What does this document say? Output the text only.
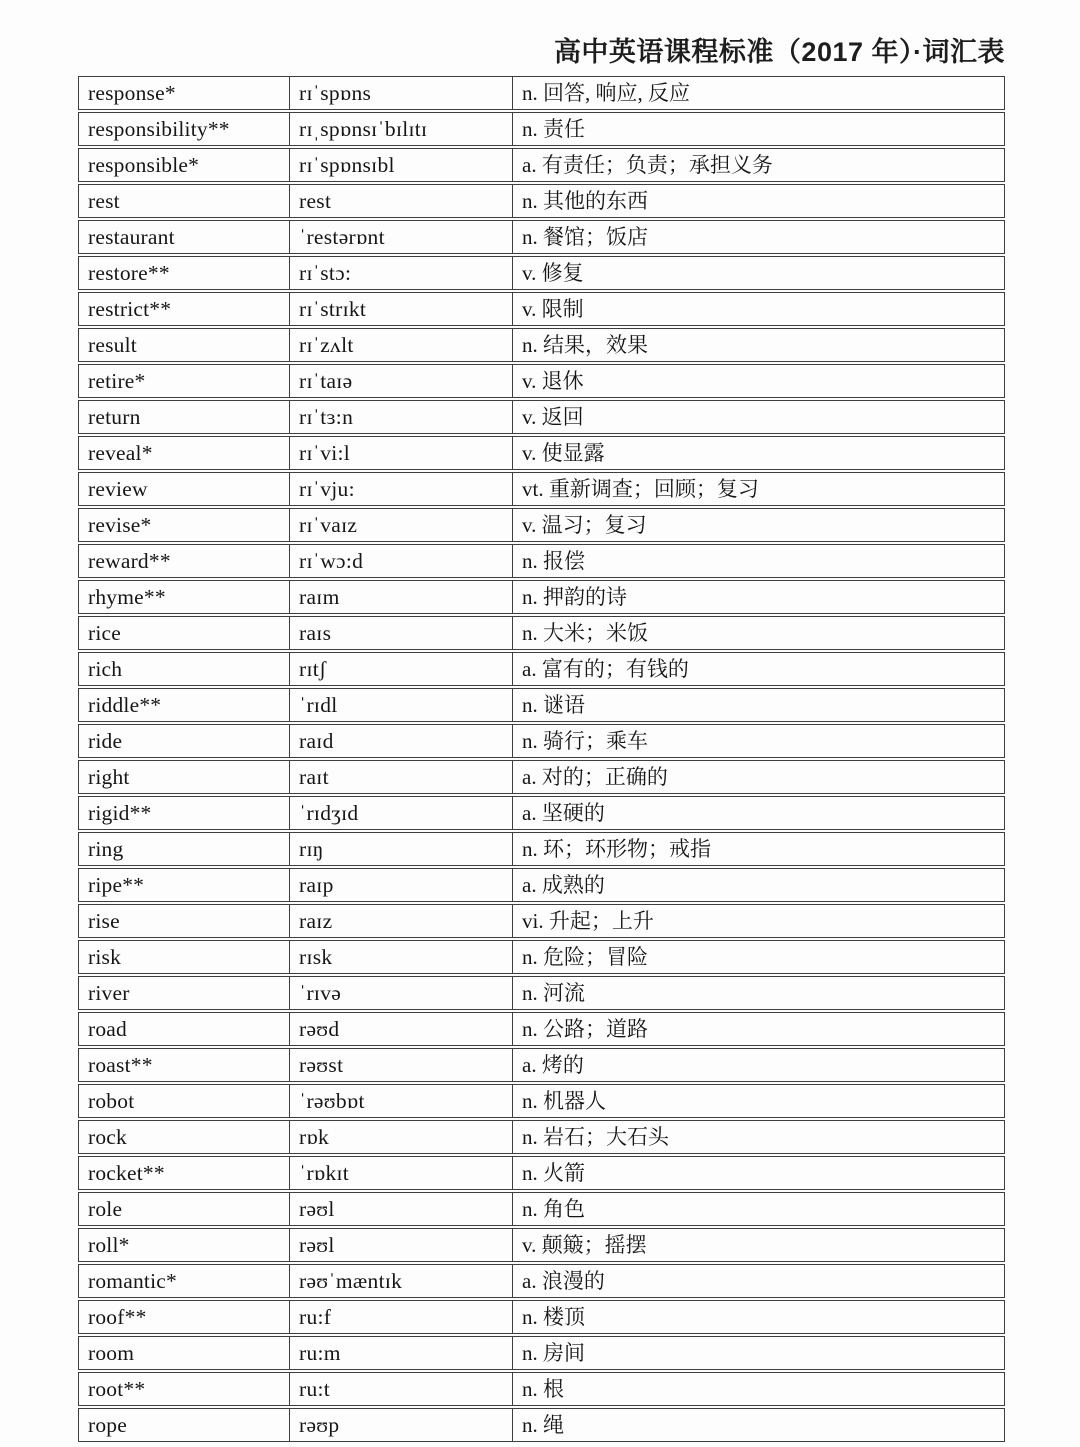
高中英语课程标准（2017 年）·词汇表
response*	rɪˈspɒns	n. 回答, 响应, 反应
responsibility**	rɪˌspɒnsɪˈbɪlɪtɪ	n. 责任
responsible*	rɪˈspɒnsɪbl	a. 有责任；负责；承担义务
rest	rest	n. 其他的东西
restaurant	ˈrestərɒnt	n. 餐馆；饭店
restore**	rɪˈstɔ:	v. 修复
restrict**	rɪˈstrɪkt	v. 限制
result	rɪˈzʌlt	n. 结果，效果
retire*	rɪˈtaɪə	v. 退休
return	rɪˈtɜ:n	v. 返回
reveal*	rɪˈvi:l	v. 使显露
review	rɪˈvju:	vt. 重新调查；回顾；复习
revise*	rɪˈvaɪz	v. 温习；复习
reward**	rɪˈwɔ:d	n. 报偿
rhyme**	raɪm	n. 押韵的诗
rice	raɪs	n. 大米；米饭
rich	rɪtʃ	a. 富有的；有钱的
riddle**	ˈrɪdl	n. 谜语
ride	raɪd	n. 骑行；乘车
right	raɪt	a. 对的；正确的
rigid**	ˈrɪdʒɪd	a. 坚硬的
ring	rɪŋ	n. 环；环形物；戒指
ripe**	raɪp	a. 成熟的
rise	raɪz	vi. 升起；上升
risk	rɪsk	n. 危险；冒险
river	ˈrɪvə	n. 河流
road	rəʊd	n. 公路；道路
roast**	rəʊst	a. 烤的
robot	ˈrəʊbɒt	n. 机器人
rock	rɒk	n. 岩石；大石头
rocket**	ˈrɒkɪt	n. 火箭
role	rəʊl	n. 角色
roll*	rəʊl	v. 颠簸；摇摆
romantic*	rəʊˈmæntɪk	a. 浪漫的
roof**	ru:f	n. 楼顶
room	ru:m	n. 房间
root**	ru:t	n. 根
rope	rəʊp	n. 绳
